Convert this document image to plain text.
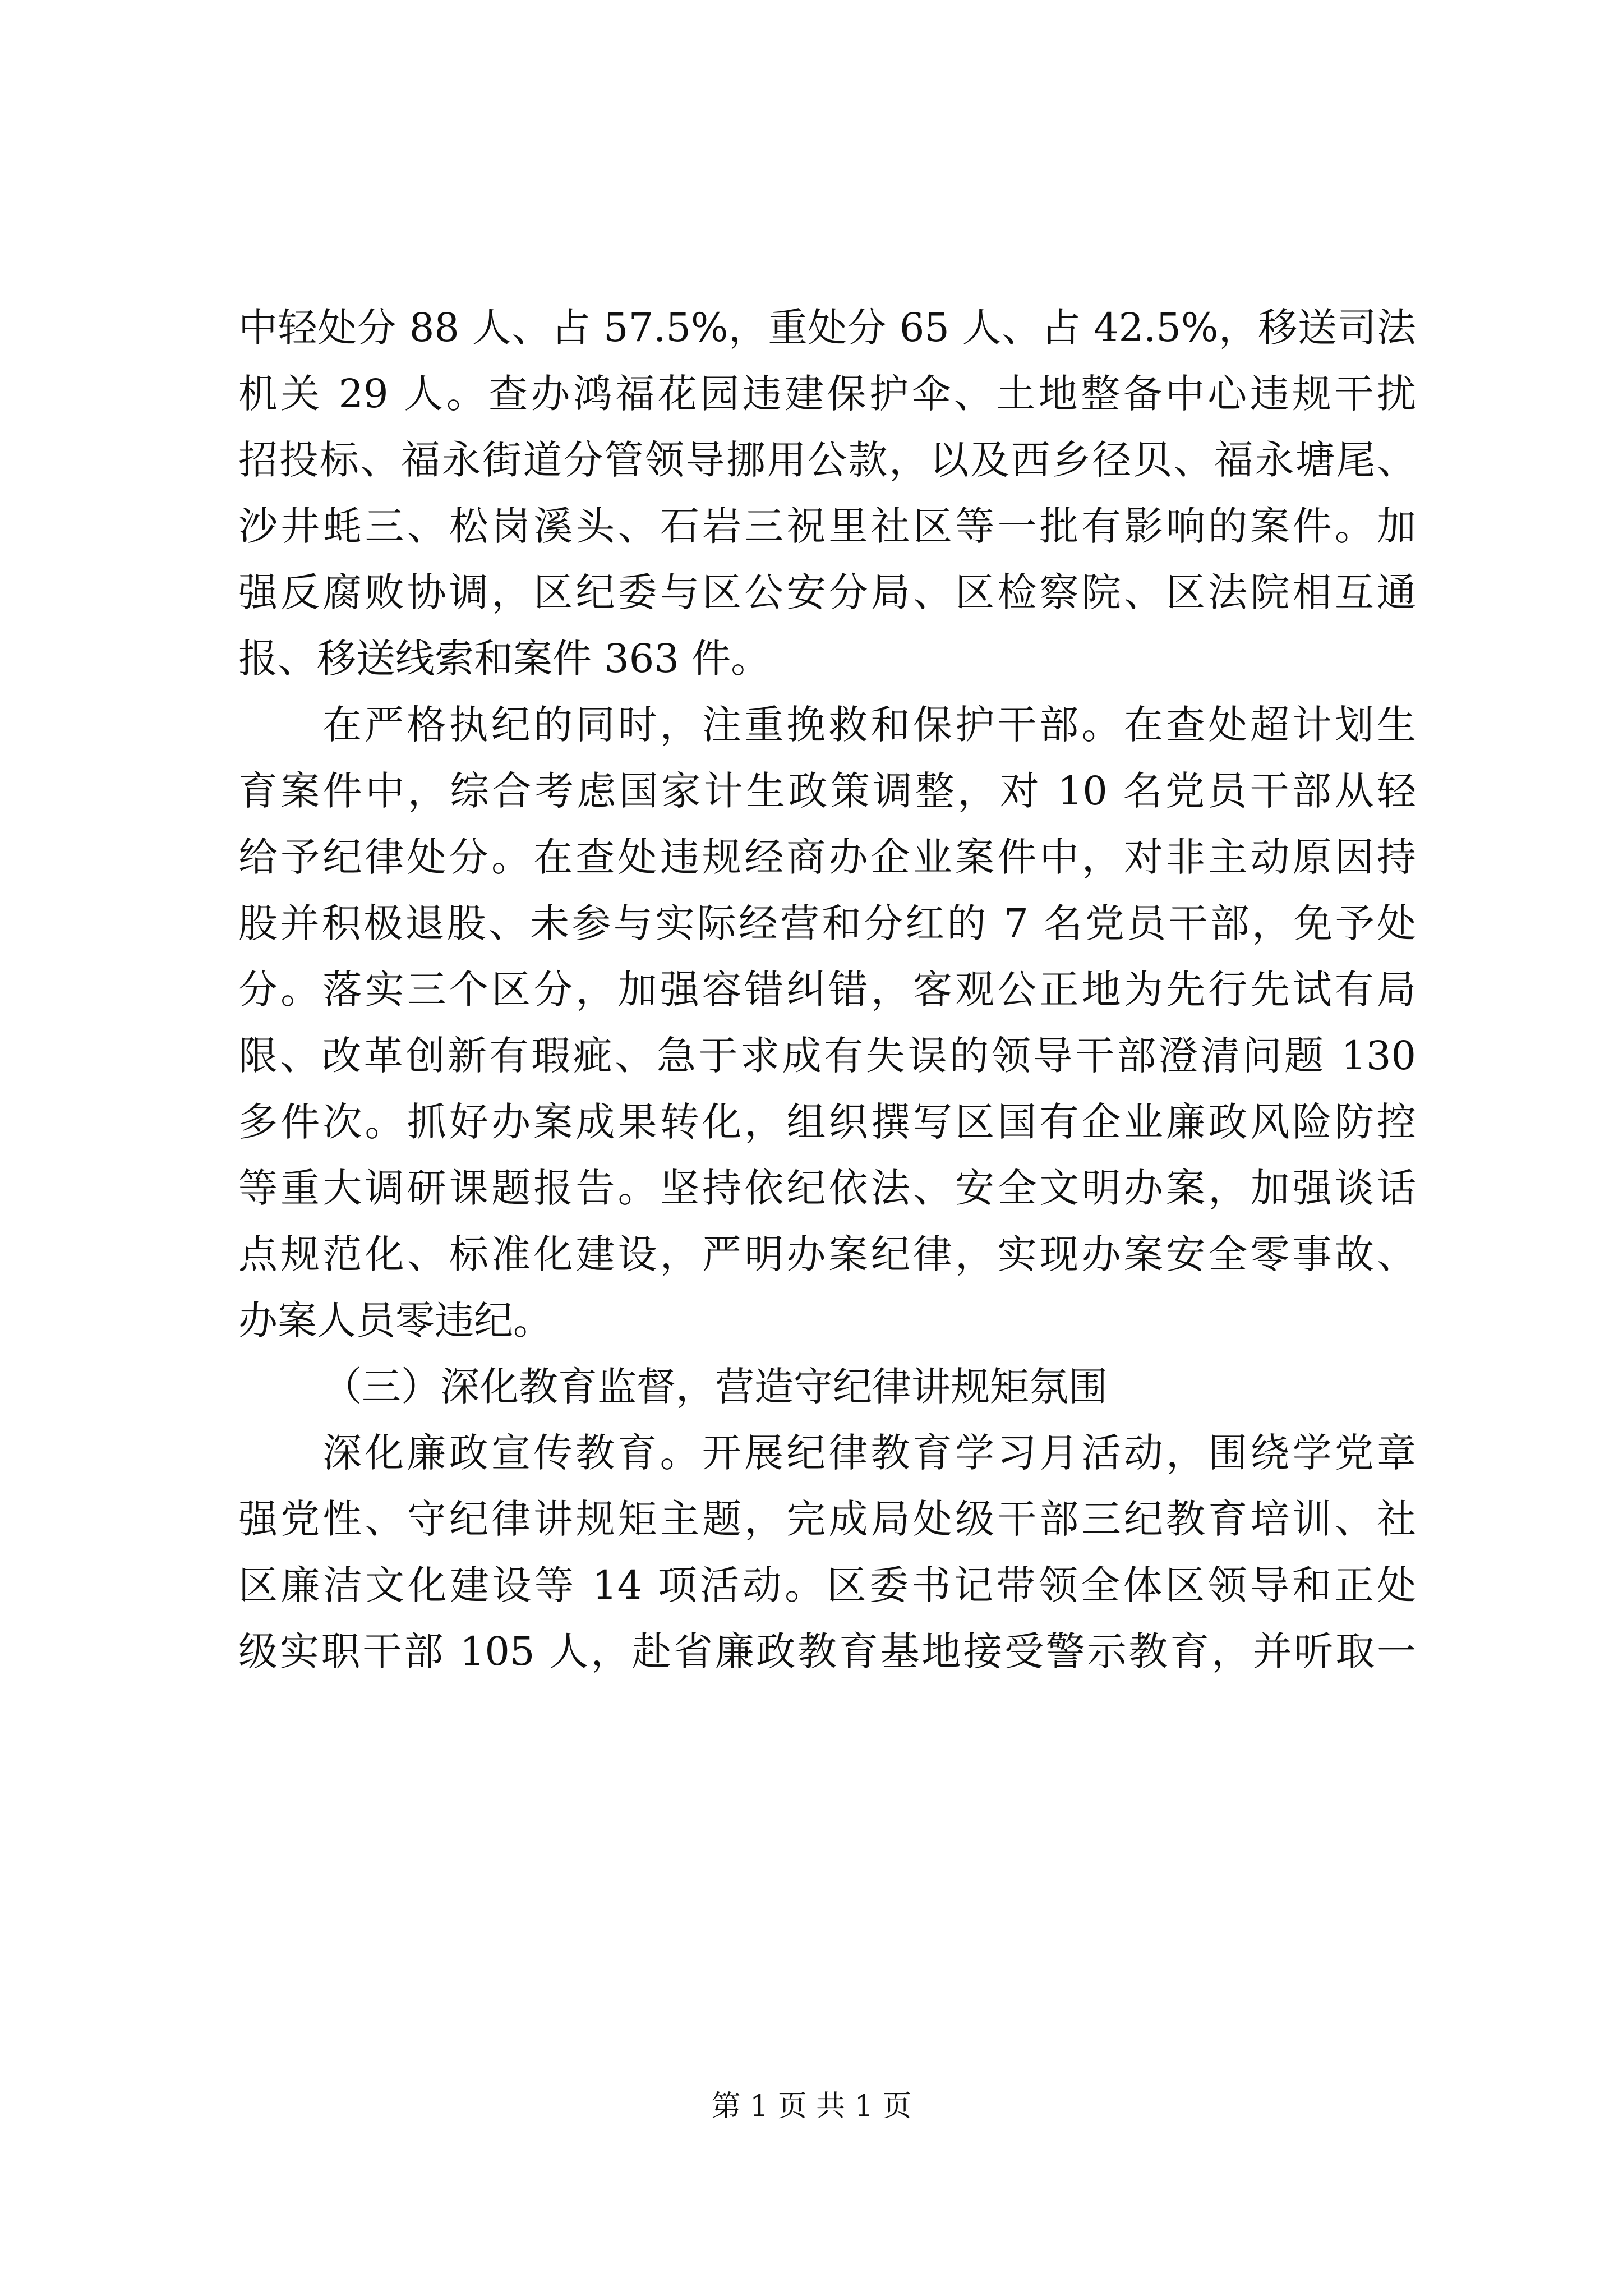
中轻处分 88 人、占 57.5%，重处分 65 人、占 42.5%，移送司法
机关 29 人。查办鸿福花园违建保护伞、土地整备中心违规干扰
招投标、福永街道分管领导挪用公款，以及西乡径贝、福永塘尾、
沙井蚝三、松岗溪头、石岩三祝里社区等一批有影响的案件。加
强反腐败协调，区纪委与区公安分局、区检察院、区法院相互通
报、移送线索和案件 363 件。
在严格执纪的同时，注重挽救和保护干部。在查处超计划生
育案件中，综合考虑国家计生政策调整，对 10 名党员干部从轻
给予纪律处分。在查处违规经商办企业案件中，对非主动原因持
股并积极退股、未参与实际经营和分红的 7 名党员干部，免予处
分。落实三个区分，加强容错纠错，客观公正地为先行先试有局
限、改革创新有瑕疵、急于求成有失误的领导干部澄清问题 130
多件次。抓好办案成果转化，组织撰写区国有企业廉政风险防控
等重大调研课题报告。坚持依纪依法、安全文明办案，加强谈话
点规范化、标准化建设，严明办案纪律，实现办案安全零事故、
办案人员零违纪。
（三）深化教育监督，营造守纪律讲规矩氛围
深化廉政宣传教育。开展纪律教育学习月活动，围绕学党章
强党性、守纪律讲规矩主题，完成局处级干部三纪教育培训、社
区廉洁文化建设等 14 项活动。区委书记带领全体区领导和正处
级实职干部 105 人，赴省廉政教育基地接受警示教育，并听取一
第 1 页 共 1 页
